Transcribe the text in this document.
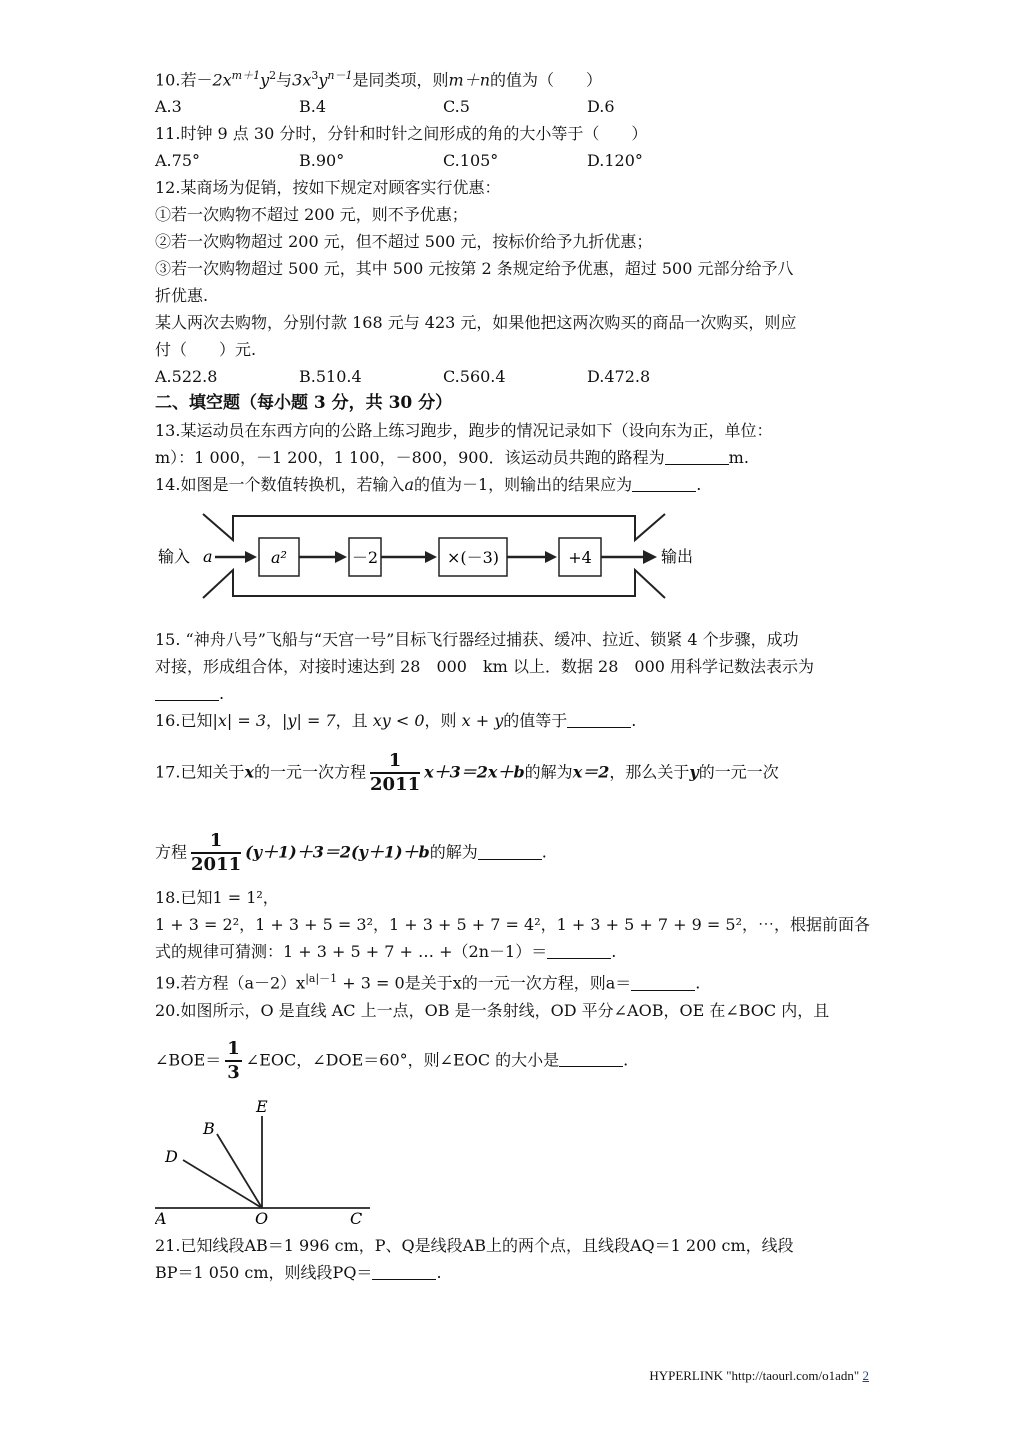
10.若$-2x^{m+1}y^2$与$3x^3y^{n-1}$是同类项，则m＋n的值为（　　）
A.3	B.4	C.5	D.6
11.时钟 9 点 30 分时，分针和时针之间形成的角的大小等于（　　）
A.75°	B.90°	C.105°	D.120°
12.某商场为促销，按如下规定对顾客实行优惠：
①若一次购物不超过 200 元，则不予优惠；
②若一次购物超过 200 元，但不超过 500 元，按标价给予九折优惠；
③若一次购物超过 500 元，其中 500 元按第 2 条规定给予优惠，超过 500 元部分给予八
折优惠.
某人两次去购物，分别付款 168 元与 423 元，如果他把这两次购买的商品一次购买，则应
付（　　）元.
A.522.8	B.510.4	C.560.4	D.472.8
二、填空题（每小题 3 分，共 30 分）
13.某运动员在东西方向的公路上练习跑步，跑步的情况记录如下（设向东为正，单位：
m）：1 000，－1 200，1 100，－800，900．该运动员共跑的路程为	m.
14.如图是一个数值转换机，若输入a的值为－1，则输出的结果应为	.
输入 a	a²	－2	×(－3)	+4	输出
15. “神舟八号”飞船与“天宫一号”目标飞行器经过捕获、缓冲、拉近、锁紧 4 个步骤，成功
对接，形成组合体，对接时速达到 28　000　km 以上．数据 28　000 用科学记数法表示为
.
16.已知|x| = 3，|y| = 7，且 xy < 0，则 x + y的值等于	.
17.已知关于x的一元一次方程 $\frac{1}{2011} x+3=2x+b$的解为x＝2，那么关于y的一元一次
方程 $\frac{1}{2011} (y+1)+3=2(y+1)+b$的解为	.
18.已知1 = 1²，
1 + 3 = 2²，1 + 3 + 5 = 3²，1 + 3 + 5 + 7 = 4²，1 + 3 + 5 + 7 + 9 = 5²，⋯，根据前面各
式的规律可猜测：1 + 3 + 5 + 7 + … +（2n－1）＝	.
19.若方程$(a-2)x^{|a|-1} + 3 = 0$是关于x的一元一次方程，则a＝	.
20.如图所示，O 是直线 AC 上一点，OB 是一条射线，OD 平分∠AOB，OE 在∠BOC 内，且
∠BOE＝ $\frac{1}{3}$ ∠EOC，∠DOE＝60°，则∠EOC 的大小是	.
A	O	C
D
B
E
21.已知线段AB＝1 996 cm，P、Q是线段AB上的两个点，且线段AQ＝1 200 cm，线段
BP＝1 050 cm，则线段PQ＝	.
HYPERLINK "http://taourl.com/o1adn" 2
